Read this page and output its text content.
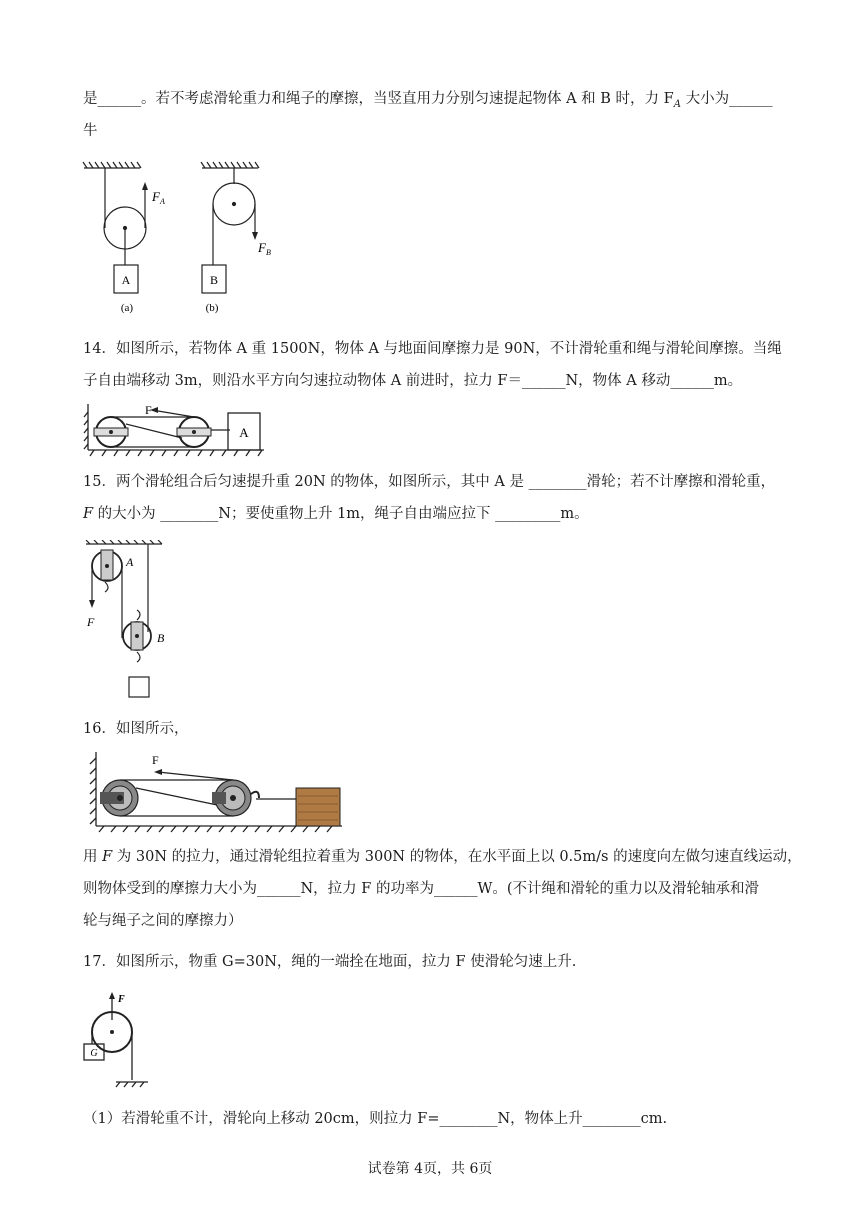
是______。若不考虑滑轮重力和绳子的摩擦，当竖直用力分别匀速提起物体 A 和 B 时，力 $F_A$ 大小为______
牛
$F_A$
$F_B$
A	B
(a)	(b)
14．如图所示，若物体 A 重 1500N，物体 A 与地面间摩擦力是 90N，不计滑轮重和绳与滑轮间摩擦。当绳
子自由端移动 3m，则沿水平方向匀速拉动物体 A 前进时，拉力 F＝______N，物体 A 移动______m。
F
A
15．两个滑轮组合后匀速提升重 20N 的物体，如图所示，其中 A 是 ________滑轮；若不计摩擦和滑轮重，
F 的大小为 ________N；要使重物上升 1m，绳子自由端应拉下 _________m。
A
B
F
16．如图所示，
F
用 F 为 30N 的拉力，通过滑轮组拉着重为 300N 的物体，在水平面上以 0.5m/s 的速度向左做匀速直线运动，
则物体受到的摩擦力大小为______N，拉力 F 的功率为______W。(不计绳和滑轮的重力以及滑轮轴承和滑
轮与绳子之间的摩擦力）
17．如图所示，物重 G=30N，绳的一端拴在地面，拉力 F 使滑轮匀速上升.
F
G
（1）若滑轮重不计，滑轮向上移动 20cm，则拉力 F=________N，物体上升________cm.
试卷第 4页，共 6页
